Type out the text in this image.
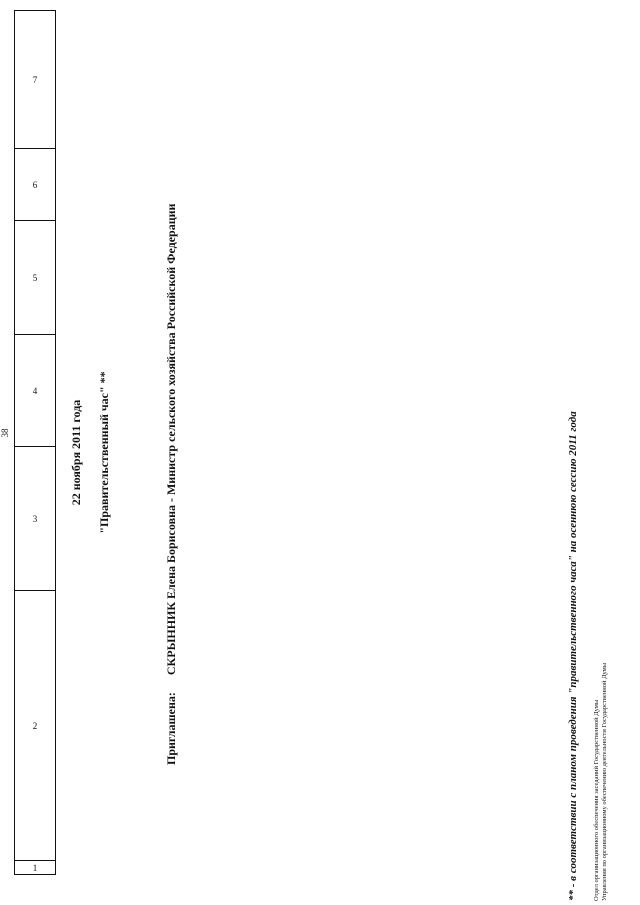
38
1	2	3	4	5	6	7
22 ноября 2011 года "Правительственный час" **
Приглашена: СКРЫННИК Елена Борисовна - Министр сельского хозяйства Российской Федерации
** - в соответствии с планом проведения "правительственного часа" на осеннюю сессию 2011 года
Отдел организационного обеспечения заседаний Государственной Думы Управления по организационному обеспечению деятельности Государственной Думы
